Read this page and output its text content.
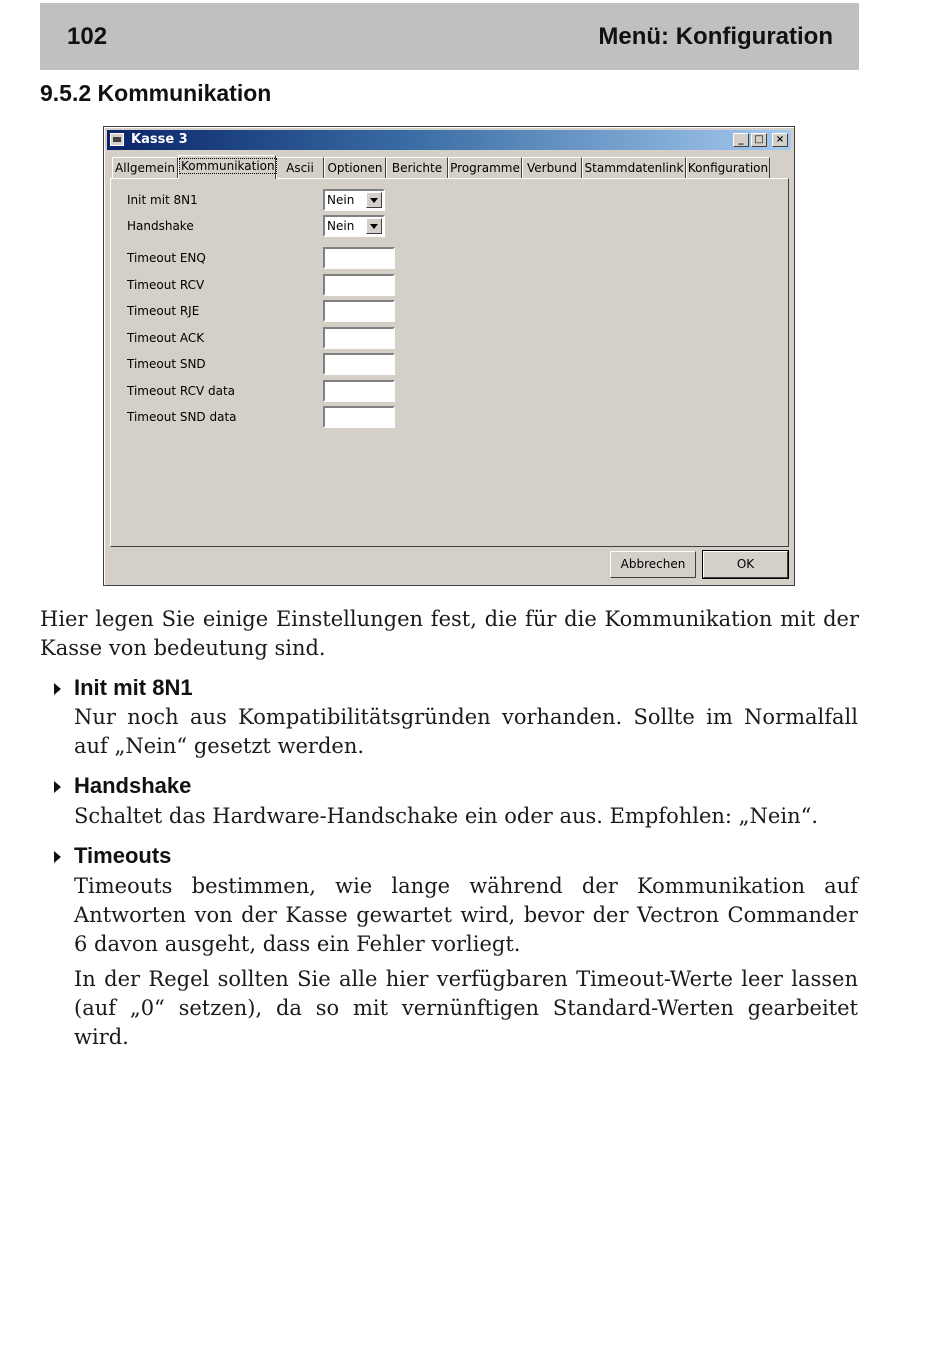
102	Menü: Konfiguration
9.5.2 Kommunikation
Kasse 3	_	□	×
Allgemein Kommunikation Ascii	Optionen Berichte Programme Verbund Stammdatenlink Konfiguration
Init mit 8N1	Nein
Handshake	Nein
Timeout ENQ
Timeout RCV
Timeout RJE
Timeout ACK
Timeout SND
Timeout RCV data
Timeout SND data
Abbrechen	OK
Hier legen Sie einige Einstellungen fest, die für die Kommunikation mit der Kasse von bedeutung sind.
Init mit 8N1
Nur noch aus Kompatibilitätsgründen vorhanden. Sollte im Normalfall auf „Nein“ gesetzt werden.
Handshake
Schaltet das Hardware-Handschake ein oder aus. Empfohlen: „Nein“.
Timeouts
Timeouts bestimmen, wie lange während der Kommunikation auf Antworten von der Kasse gewartet wird, bevor der Vectron Commander 6 davon ausgeht, dass ein Fehler vorliegt.
In der Regel sollten Sie alle hier verfügbaren Timeout-Werte leer lassen (auf „0“ setzen), da so mit vernünftigen Standard-Werten gearbeitet wird.
